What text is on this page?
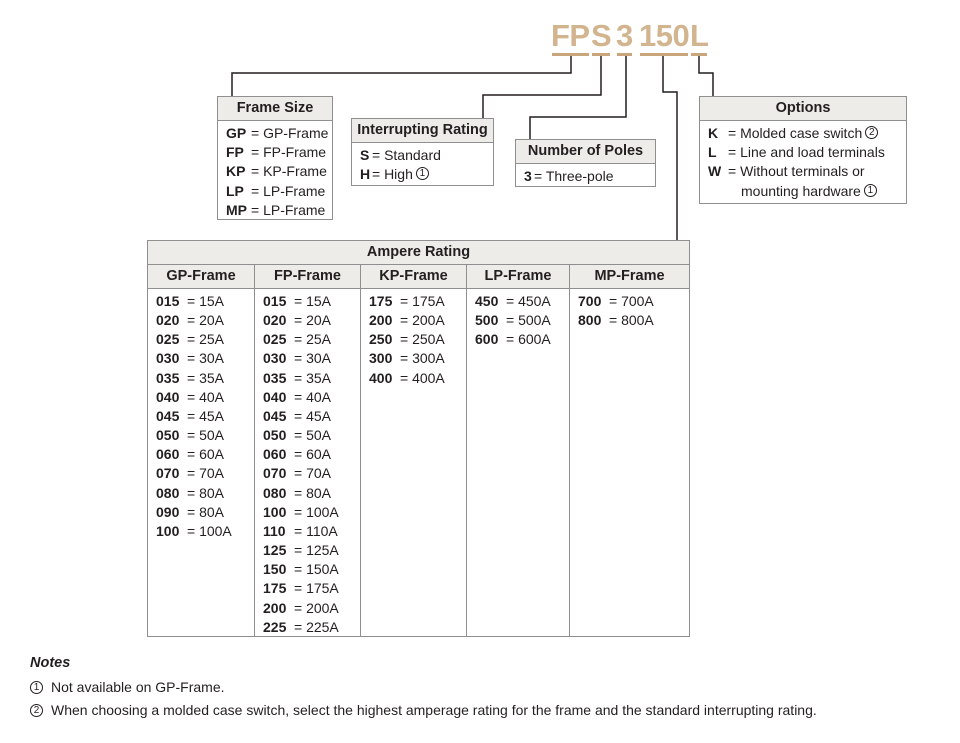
FP S 3 150 L
Frame Size
GP = GP-Frame
FP = FP-Frame
KP = KP-Frame
LP = LP-Frame
MP = LP-Frame
Interrupting Rating
S = Standard
H = High 1
Number of Poles
3 = Three-pole
Options
K = Molded case switch 2
L = Line and load terminals
W = Without terminals or
mounting hardware 1
Ampere Rating
GP-Frame
015 = 15A
020 = 20A
025 = 25A
030 = 30A
035 = 35A
040 = 40A
045 = 45A
050 = 50A
060 = 60A
070 = 70A
080 = 80A
090 = 80A
100 = 100A
FP-Frame
015 = 15A
020 = 20A
025 = 25A
030 = 30A
035 = 35A
040 = 40A
045 = 45A
050 = 50A
060 = 60A
070 = 70A
080 = 80A
100 = 100A
110 = 110A
125 = 125A
150 = 150A
175 = 175A
200 = 200A
225 = 225A
KP-Frame
175 = 175A
200 = 200A
250 = 250A
300 = 300A
400 = 400A
LP-Frame
450 = 450A
500 = 500A
600 = 600A
MP-Frame
700 = 700A
800 = 800A
Notes
1 Not available on GP-Frame.
2 When choosing a molded case switch, select the highest amperage rating for the frame and the standard interrupting rating.
